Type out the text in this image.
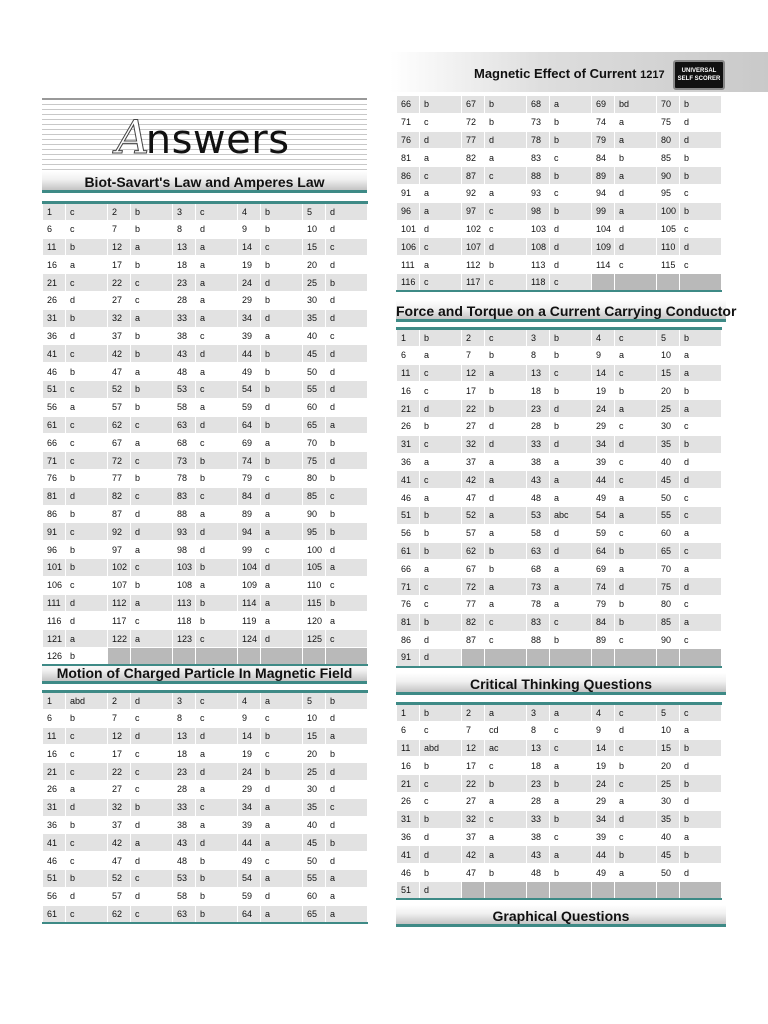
Magnetic Effect of Current 1217	UNIVERSAL
SELF SCORER
Answers
Biot-Savart's Law and Amperes Law
Motion of Charged Particle In Magnetic Field
Force and Torque on a Current Carrying Conductor
Critical Thinking Questions
Graphical Questions
1	c	2	b	3	c	4	b	5	d
6	c	7	b	8	d	9	b	10	d
11	b	12	a	13	a	14	c	15	c
16	a	17	b	18	a	19	b	20	d
21	c	22	c	23	a	24	d	25	b
26	d	27	c	28	a	29	b	30	d
31	b	32	a	33	a	34	d	35	d
36	d	37	b	38	c	39	a	40	c
41	c	42	b	43	d	44	b	45	d
46	b	47	a	48	a	49	b	50	d
51	c	52	b	53	c	54	b	55	d
56	a	57	b	58	a	59	d	60	d
61	c	62	c	63	d	64	b	65	a
66	c	67	a	68	c	69	a	70	b
71	c	72	c	73	b	74	b	75	d
76	b	77	b	78	b	79	c	80	b
81	d	82	c	83	c	84	d	85	c
86	b	87	d	88	a	89	a	90	b
91	c	92	d	93	d	94	a	95	b
96	b	97	a	98	d	99	c	100	d
101	b	102	c	103	b	104	d	105	a
106	c	107	b	108	a	109	a	110	c
111	d	112	a	113	b	114	a	115	b
116	d	117	c	118	b	119	a	120	a
121	a	122	a	123	c	124	d	125	c
126	b								
1	abd	2	d	3	c	4	a	5	b
6	b	7	c	8	c	9	c	10	d
11	c	12	d	13	d	14	b	15	a
16	c	17	c	18	a	19	c	20	b
21	c	22	c	23	d	24	b	25	d
26	a	27	c	28	a	29	d	30	d
31	d	32	b	33	c	34	a	35	c
36	b	37	d	38	a	39	a	40	d
41	c	42	a	43	d	44	a	45	b
46	c	47	d	48	b	49	c	50	d
51	b	52	c	53	b	54	a	55	a
56	d	57	d	58	b	59	d	60	a
61	c	62	c	63	b	64	a	65	a
66	b	67	b	68	a	69	bd	70	b
71	c	72	b	73	b	74	a	75	d
76	d	77	d	78	b	79	a	80	d
81	a	82	a	83	c	84	b	85	b
86	c	87	c	88	b	89	a	90	b
91	a	92	a	93	c	94	d	95	c
96	a	97	c	98	b	99	a	100	b
101	d	102	c	103	d	104	d	105	c
106	c	107	d	108	d	109	d	110	d
111	a	112	b	113	d	114	c	115	c
116	c	117	c	118	c				
1	b	2	c	3	b	4	c	5	b
6	a	7	b	8	b	9	a	10	a
11	c	12	a	13	c	14	c	15	a
16	c	17	b	18	b	19	b	20	b
21	d	22	b	23	d	24	a	25	a
26	b	27	d	28	b	29	c	30	c
31	c	32	d	33	d	34	d	35	b
36	a	37	a	38	a	39	c	40	d
41	c	42	a	43	a	44	c	45	d
46	a	47	d	48	a	49	a	50	c
51	b	52	a	53	abc	54	a	55	c
56	b	57	a	58	d	59	c	60	a
61	b	62	b	63	d	64	b	65	c
66	a	67	b	68	a	69	a	70	a
71	c	72	a	73	a	74	d	75	d
76	c	77	a	78	a	79	b	80	c
81	b	82	c	83	c	84	b	85	a
86	d	87	c	88	b	89	c	90	c
91	d								
1	b	2	a	3	a	4	c	5	c
6	c	7	cd	8	c	9	d	10	a
11	abd	12	ac	13	c	14	c	15	b
16	b	17	c	18	a	19	b	20	d
21	c	22	b	23	b	24	c	25	b
26	c	27	a	28	a	29	a	30	d
31	b	32	c	33	b	34	d	35	b
36	d	37	a	38	c	39	c	40	a
41	d	42	a	43	a	44	b	45	b
46	b	47	b	48	b	49	a	50	d
51	d								
